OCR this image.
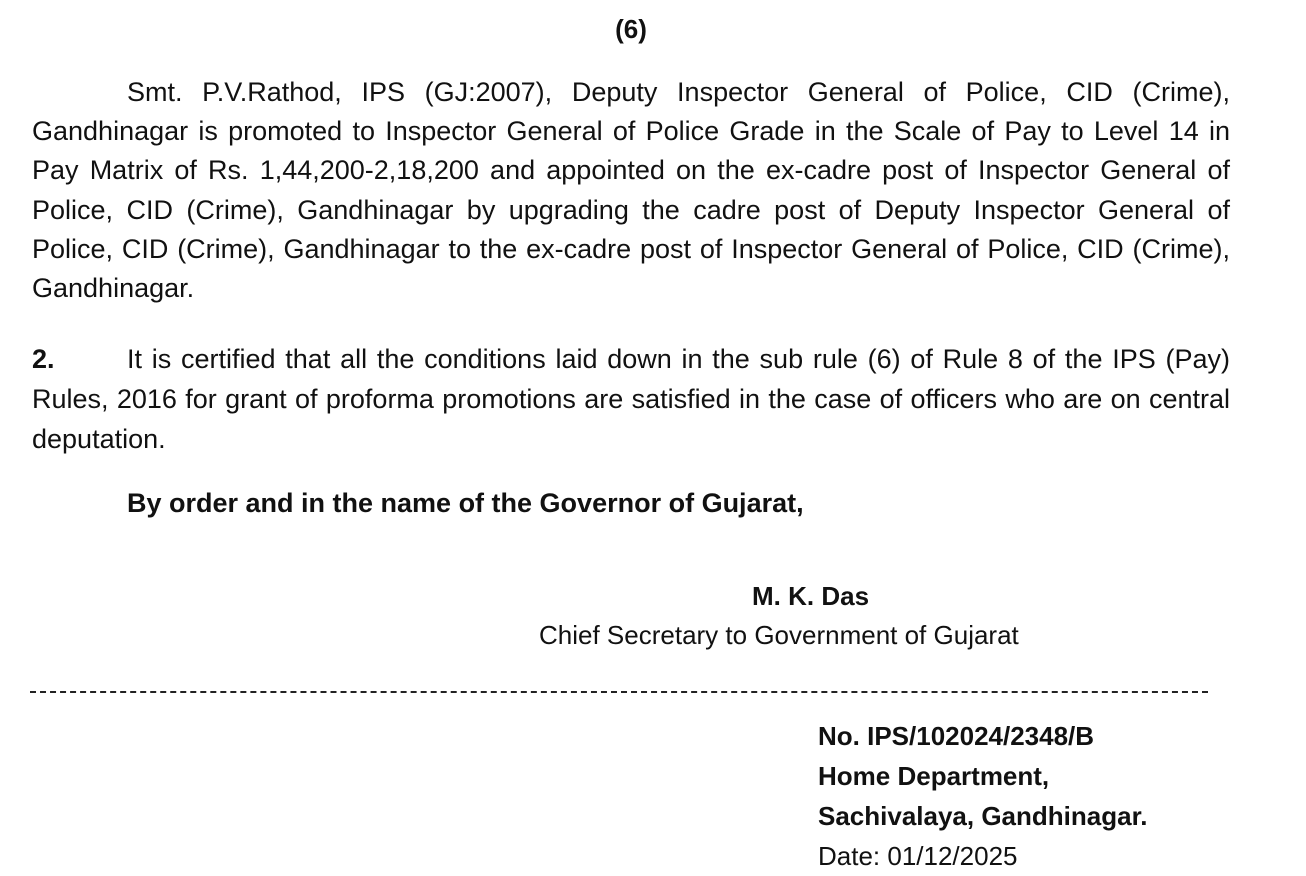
(6)

Smt. P.V.Rathod, IPS (GJ:2007), Deputy Inspector General of Police, CID (Crime), Gandhinagar is promoted to Inspector General of Police Grade in the Scale of Pay to Level 14 in Pay Matrix of Rs. 1,44,200-2,18,200 and appointed on the ex-cadre post of Inspector General of Police, CID (Crime), Gandhinagar by upgrading the cadre post of Deputy Inspector General of Police, CID (Crime), Gandhinagar to the ex-cadre post of Inspector General of Police, CID (Crime), Gandhinagar.

2.	It is certified that all the conditions laid down in the sub rule (6) of Rule 8 of the IPS (Pay) Rules, 2016 for grant of proforma promotions are satisfied in the case of officers who are on central deputation.

By order and in the name of the Governor of Gujarat,
M. K. Das
Chief Secretary to Government of Gujarat
No. IPS/102024/2348/B
Home Department,
Sachivalaya, Gandhinagar.
Date: 01/12/2025
